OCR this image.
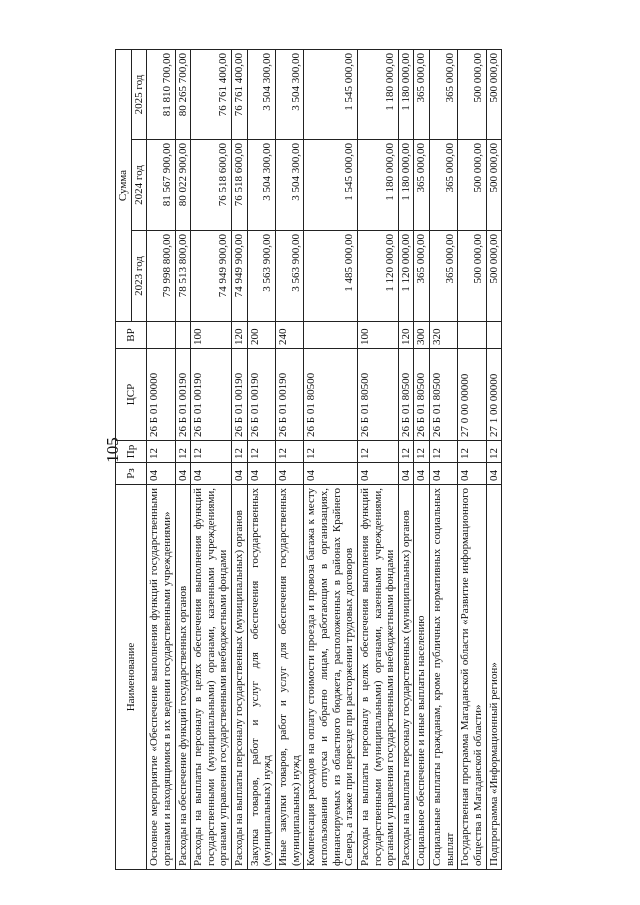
105
Наименование	Рз	Пр	ЦСР	ВР	Сумма		
					2023 год	2024 год	2025 год
Основное мероприятие «Обеспечение выполнения функций государственными органами и находящимися в их ведении государственными учреждениями»	04	12	26 Б 01 00000		79 998 800,00	81 567 900,00	81 810 700,00
Расходы на обеспечение функций государственных органов	04	12	26 Б 01 00190		78 513 800,00	80 022 900,00	80 265 700,00
Расходы на выплаты персоналу в целях обеспечения выполнения функций государственными (муниципальными) органами, казенными учреждениями, органами управления государственными внебюджетными фондами	04	12	26 Б 01 00190	100	74 949 900,00	76 518 600,00	76 761 400,00
Расходы на выплаты персоналу государственных (муниципальных) органов	04	12	26 Б 01 00190	120	74 949 900,00	76 518 600,00	76 761 400,00
Закупка товаров, работ и услуг для обеспечения государственных (муниципальных) нужд	04	12	26 Б 01 00190	200	3 563 900,00	3 504 300,00	3 504 300,00
Иные закупки товаров, работ и услуг для обеспечения государственных (муниципальных) нужд	04	12	26 Б 01 00190	240	3 563 900,00	3 504 300,00	3 504 300,00
Компенсация расходов на оплату стоимости проезда и провоза багажа к месту использования отпуска и обратно лицам, работающим в организациях, финансируемых из областного бюджета, расположенных в районах Крайнего Севера, а также при переезде при расторжении трудовых договоров	04	12	26 Б 01 80500		1 485 000,00	1 545 000,00	1 545 000,00
Расходы на выплаты персоналу в целях обеспечения выполнения функций государственными (муниципальными) органами, казенными учреждениями, органами управления государственными внебюджетными фондами	04	12	26 Б 01 80500	100	1 120 000,00	1 180 000,00	1 180 000,00
Расходы на выплаты персоналу государственных (муниципальных) органов	04	12	26 Б 01 80500	120	1 120 000,00	1 180 000,00	1 180 000,00
Социальное обеспечение и иные выплаты населению	04	12	26 Б 01 80500	300	365 000,00	365 000,00	365 000,00
Социальные выплаты гражданам, кроме публичных нормативных социальных выплат	04	12	26 Б 01 80500	320	365 000,00	365 000,00	365 000,00
Государственная программа Магаданской области «Развитие информационного общества в Магаданской области»	04	12	27 0 00 00000		500 000,00	500 000,00	500 000,00
Подпрограмма «Информационный регион»	04	12	27 1 00 00000		500 000,00	500 000,00	500 000,00
